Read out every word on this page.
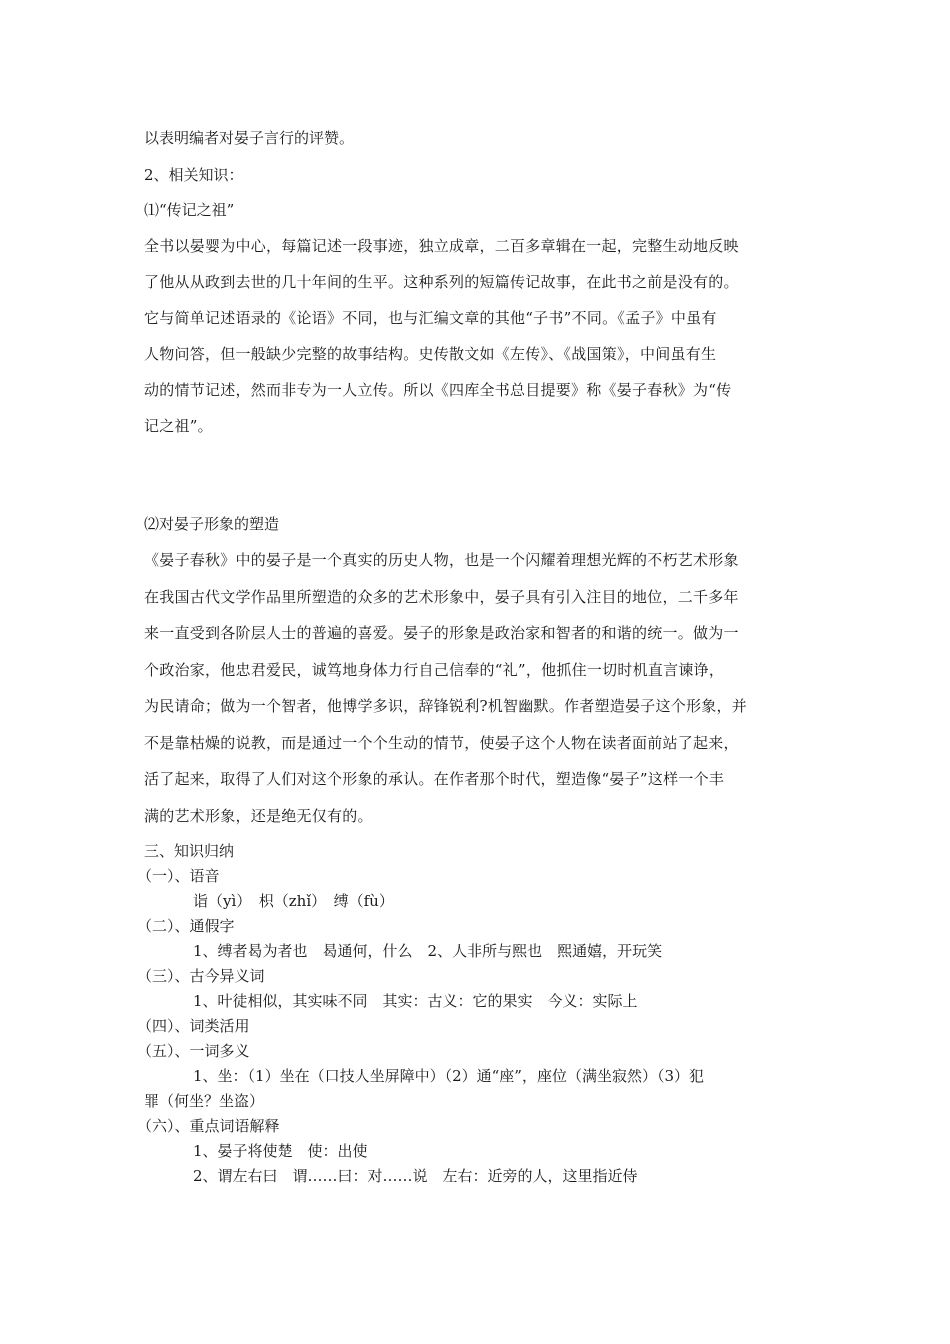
以表明编者对晏子言行的评赞。
2、相关知识：
⑴“传记之祖”
全书以晏婴为中心，每篇记述一段事迹，独立成章，二百多章辑在一起，完整生动地反映
了他从从政到去世的几十年间的生平。这种系列的短篇传记故事，在此书之前是没有的。
它与简单记述语录的《论语》不同，也与汇编文章的其他“子书”不同。《孟子》中虽有
人物问答，但一般缺少完整的故事结构。史传散文如《左传》、《战国策》，中间虽有生
动的情节记述，然而非专为一人立传。所以《四库全书总目提要》称《晏子春秋》为“传
记之祖”。
⑵对晏子形象的塑造
《晏子春秋》中的晏子是一个真实的历史人物，也是一个闪耀着理想光辉的不朽艺术形象
在我国古代文学作品里所塑造的众多的艺术形象中，晏子具有引入注目的地位，二千多年
来一直受到各阶层人士的普遍的喜爱。晏子的形象是政治家和智者的和谐的统一。做为一
个政治家，他忠君爱民，诚笃地身体力行自己信奉的“礼”，他抓住一切时机直言谏诤，
为民请命；做为一个智者，他博学多识，辞锋锐利?机智幽默。作者塑造晏子这个形象，并
不是靠枯燥的说教，而是通过一个个生动的情节，使晏子这个人物在读者面前站了起来，
活了起来，取得了人们对这个形象的承认。在作者那个时代，塑造像“晏子”这样一个丰
满的艺术形象，还是绝无仅有的。
三、知识归纳
（一）、语音
诣（yì）　枳（zhǐ）　缚（fù）
（二）、通假字
1、缚者曷为者也　曷通何，什么　2、人非所与熙也　熙通嬉，开玩笑
（三）、古今异义词
1、叶徒相似，其实味不同　其实：古义：它的果实　今义：实际上
（四）、词类活用
（五）、一词多义
1、坐：（1）坐在（口技人坐屏障中）（2）通“座”，座位（满坐寂然）（3）犯
罪（何坐？坐盗）
（六）、重点词语解释
1、晏子将使楚　使：出使
2、谓左右曰　谓……曰：对……说　左右：近旁的人，这里指近侍
